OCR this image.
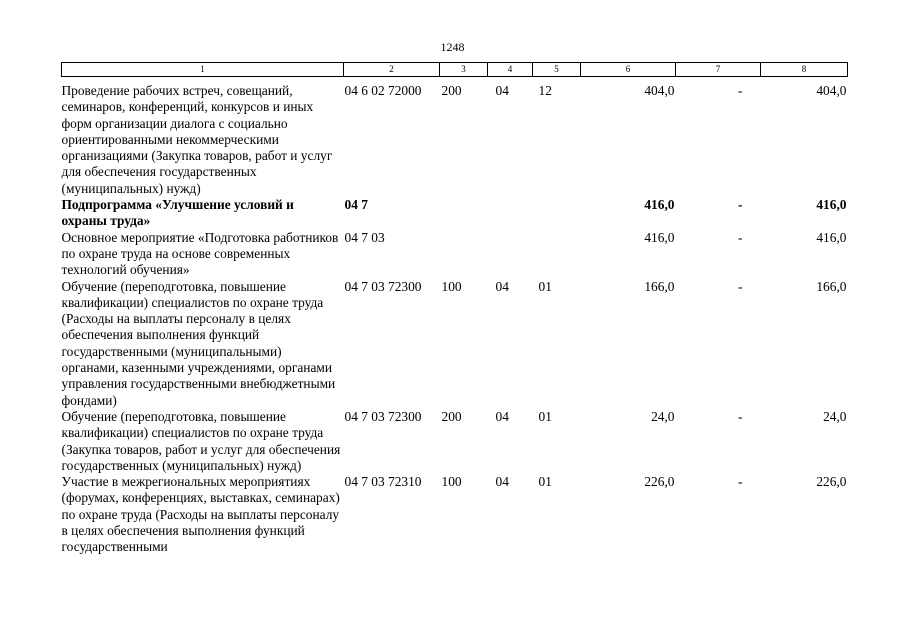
1248
1	2	3	4	5	6	7	8
Проведение рабочих встреч, совещаний, семинаров, конференций, конкурсов и иных форм организации диалога с социально ориентированными некоммерческими организациями (Закупка товаров, работ и услуг для обеспечения государственных (муниципальных) нужд)	04 6 02 72000	200	04	12	404,0	-	404,0
Подпрограмма «Улучшение условий и охраны труда»	04 7				416,0	-	416,0
Основное мероприятие «Подготовка работников по охране труда на основе современных технологий обучения»	04 7 03				416,0	-	416,0
Обучение (переподготовка, повышение квалификации) специалистов по охране труда (Расходы на выплаты персоналу в целях обеспечения выполнения функций государственными (муниципальными) органами, казенными учреждениями, органами управления государственными внебюджетными фондами)	04 7 03 72300	100	04	01	166,0	-	166,0
Обучение (переподготовка, повышение квалификации) специалистов по охране труда (Закупка товаров, работ и услуг для обеспечения государственных (муниципальных) нужд)	04 7 03 72300	200	04	01	24,0	-	24,0
Участие в межрегиональных мероприятиях (форумах, конференциях, выставках, семинарах) по охране труда (Расходы на выплаты персоналу в целях обеспечения выполнения функций государственными	04 7 03 72310	100	04	01	226,0	-	226,0
